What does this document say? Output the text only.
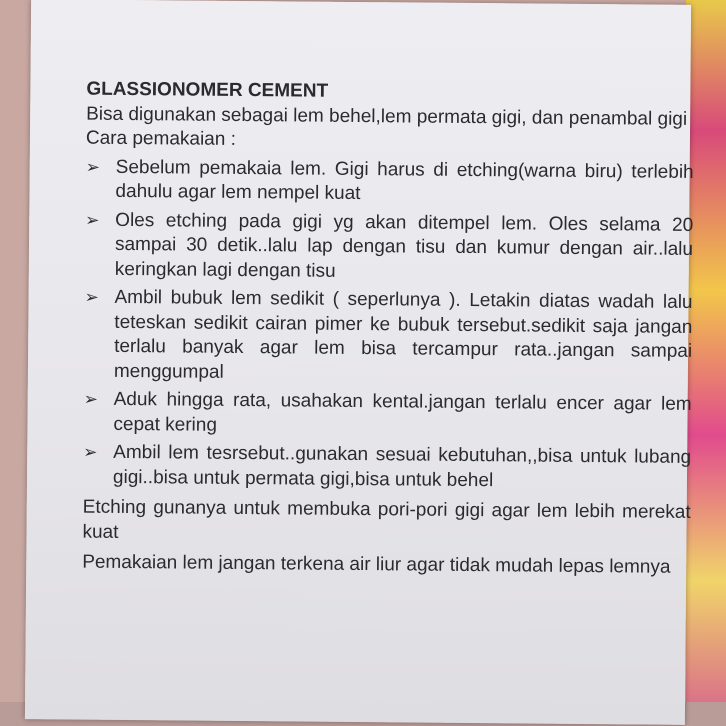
GLASSIONOMER CEMENT

Bisa digunakan sebagai lem behel,lem permata gigi, dan penambal gigi

Cara pemakaian :

➢ Sebelum pemakaia lem. Gigi harus di etching(warna biru) terlebih dahulu agar lem nempel kuat
➢ Oles etching pada gigi yg akan ditempel lem. Oles selama 20 sampai 30 detik..lalu lap dengan tisu dan kumur dengan air..lalu keringkan lagi dengan tisu
➢ Ambil bubuk lem sedikit ( seperlunya ). Letakin diatas wadah lalu teteskan sedikit cairan pimer ke bubuk tersebut.sedikit saja jangan terlalu banyak agar lem bisa tercampur rata..jangan sampai menggumpal
➢ Aduk hingga rata, usahakan kental.jangan terlalu encer agar lem cepat kering
➢ Ambil lem tesrsebut..gunakan sesuai kebutuhan,,bisa untuk lubang gigi..bisa untuk permata gigi,bisa untuk behel

Etching gunanya untuk membuka pori-pori gigi agar lem lebih merekat kuat

Pemakaian lem jangan terkena air liur agar tidak mudah lepas lemnya
